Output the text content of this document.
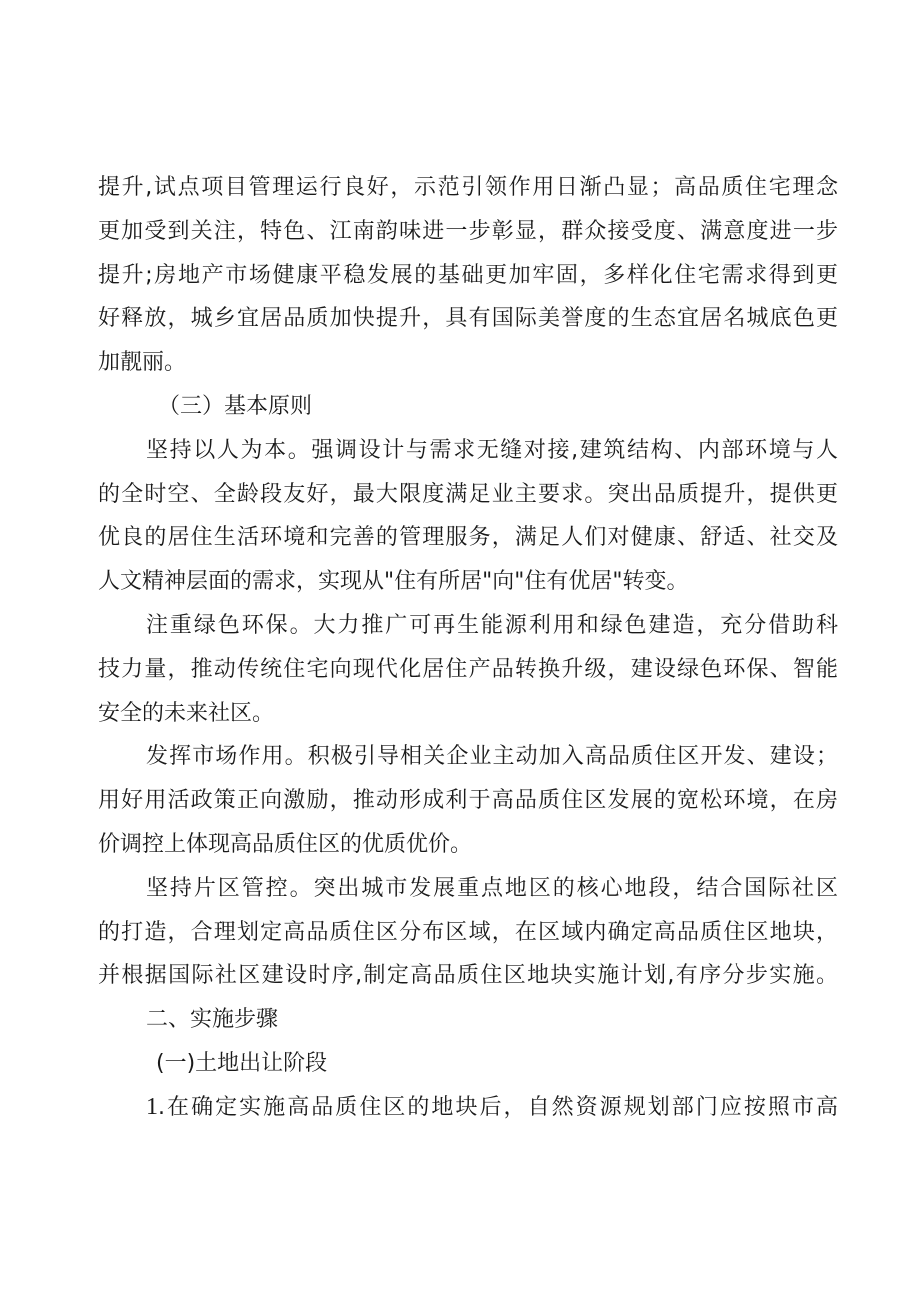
提升,试点项目管理运行良好，示范引领作用日渐凸显；高品质住宅理念
更加受到关注，特色、江南韵味进一步彰显，群众接受度、满意度进一步
提升;房地产市场健康平稳发展的基础更加牢固，多样化住宅需求得到更
好释放，城乡宜居品质加快提升，具有国际美誉度的生态宜居名城底色更
加靓丽。
（三）基本原则
坚持以人为本。强调设计与需求无缝对接,建筑结构、内部环境与人
的全时空、全龄段友好，最大限度满足业主要求。突出品质提升，提供更
优良的居住生活环境和完善的管理服务，满足人们对健康、舒适、社交及
人文精神层面的需求，实现从"住有所居"向"住有优居"转变。
注重绿色环保。大力推广可再生能源利用和绿色建造，充分借助科
技力量，推动传统住宅向现代化居住产品转换升级，建设绿色环保、智能
安全的未来社区。
发挥市场作用。积极引导相关企业主动加入高品质住区开发、建设；
用好用活政策正向激励，推动形成利于高品质住区发展的宽松环境，在房
价调控上体现高品质住区的优质优价。
坚持片区管控。突出城市发展重点地区的核心地段，结合国际社区
的打造，合理划定高品质住区分布区域，在区域内确定高品质住区地块，
并根据国际社区建设时序,制定高品质住区地块实施计划,有序分步实施。
二、实施步骤
(一)土地出让阶段
1.在确定实施高品质住区的地块后，自然资源规划部门应按照市高
